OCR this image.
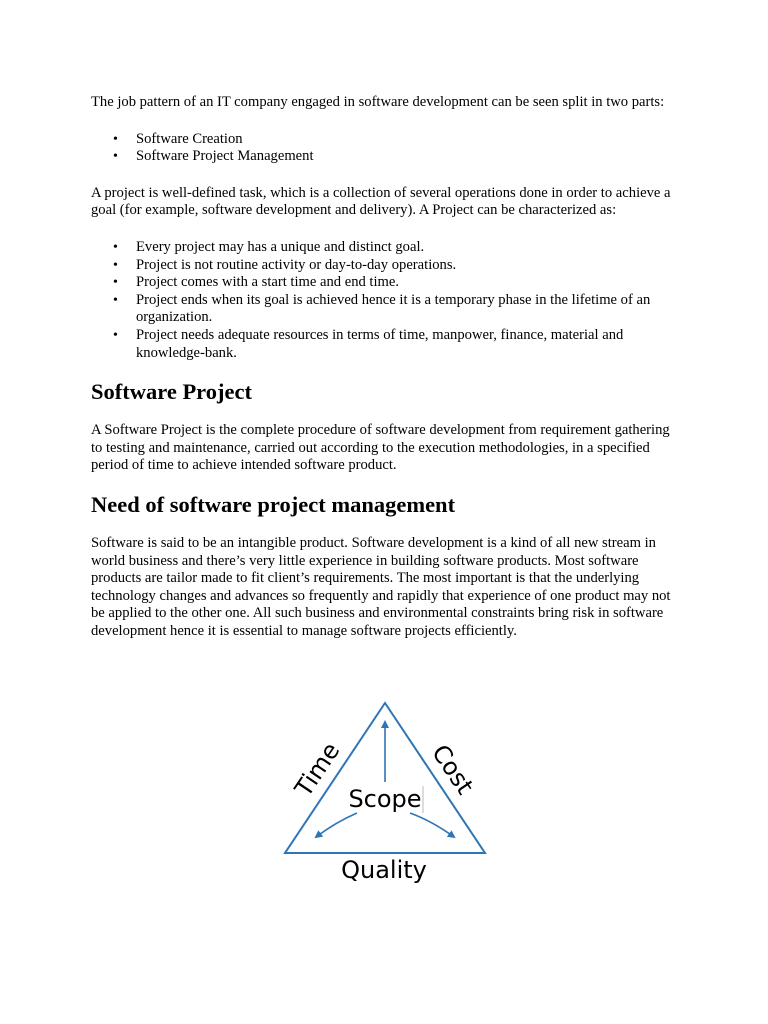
The job pattern of an IT company engaged in software development can be seen split in two parts:

• Software Creation
• Software Project Management

A project is well-defined task, which is a collection of several operations done in order to achieve a goal (for example, software development and delivery). A Project can be characterized as:

• Every project may has a unique and distinct goal.
• Project is not routine activity or day-to-day operations.
• Project comes with a start time and end time.
• Project ends when its goal is achieved hence it is a temporary phase in the lifetime of an organization.
• Project needs adequate resources in terms of time, manpower, finance, material and knowledge-bank.
Software Project

A Software Project is the complete procedure of software development from requirement gathering to testing and maintenance, carried out according to the execution methodologies, in a specified period of time to achieve intended software product.

Need of software project management

Software is said to be an intangible product. Software development is a kind of all new stream in world business and there’s very little experience in building software products. Most software products are tailor made to fit client’s requirements. The most important is that the underlying technology changes and advances so frequently and rapidly that experience of one product may not be applied to the other one. All such business and environmental constraints bring risk in software development hence it is essential to manage software projects efficiently.

Scope
Time	Cost
Quality
